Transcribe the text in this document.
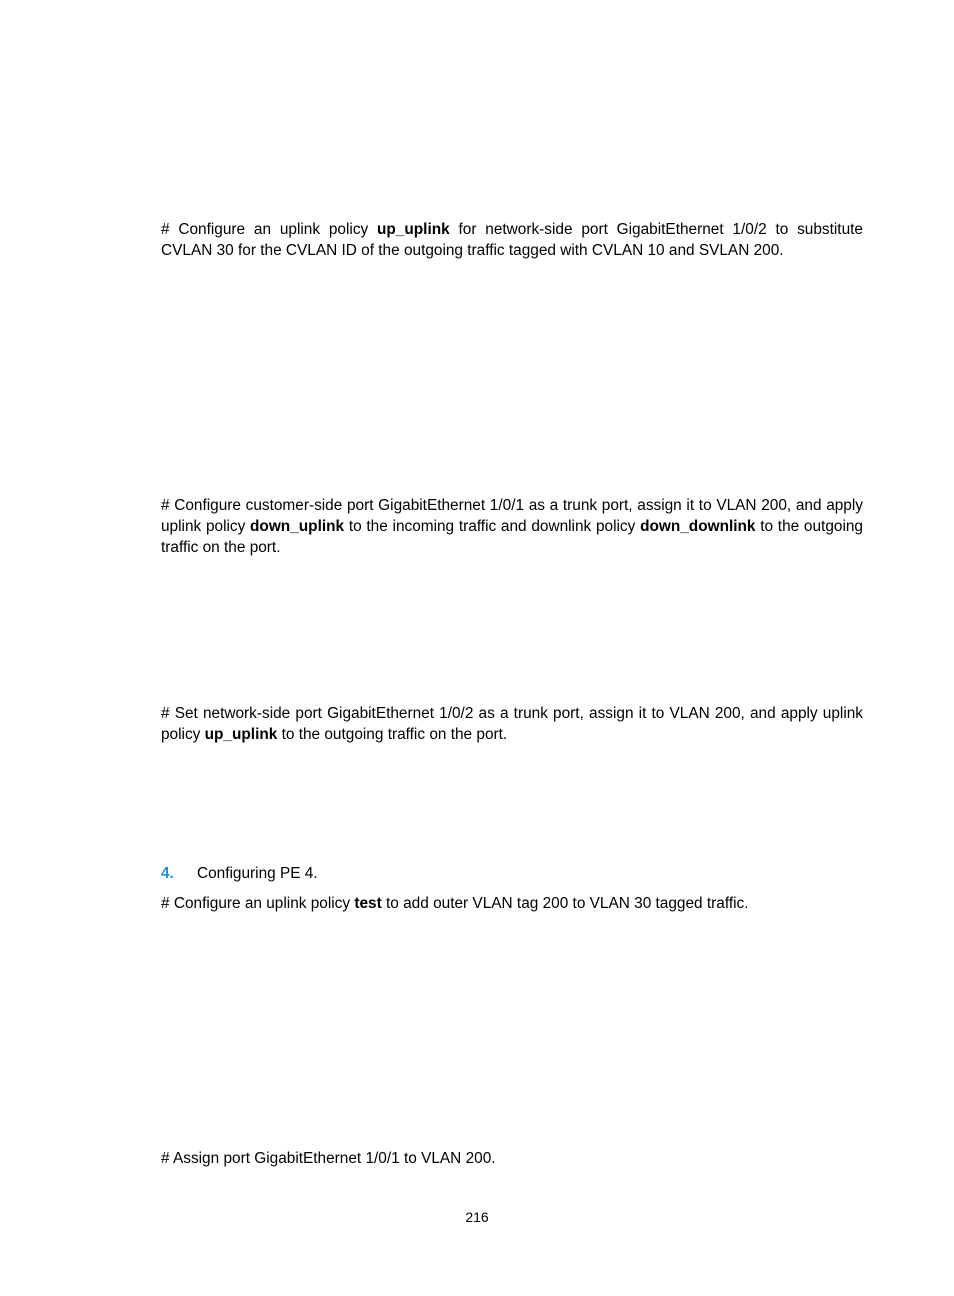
# Configure an uplink policy up_uplink for network-side port GigabitEthernet 1/0/2 to substitute CVLAN 30 for the CVLAN ID of the outgoing traffic tagged with CVLAN 10 and SVLAN 200.

# Configure customer-side port GigabitEthernet 1/0/1 as a trunk port, assign it to VLAN 200, and apply uplink policy down_uplink to the incoming traffic and downlink policy down_downlink to the outgoing traffic on the port.

# Set network-side port GigabitEthernet 1/0/2 as a trunk port, assign it to VLAN 200, and apply uplink policy up_uplink to the outgoing traffic on the port.

4. Configuring PE 4.

# Configure an uplink policy test to add outer VLAN tag 200 to VLAN 30 tagged traffic.

# Assign port GigabitEthernet 1/0/1 to VLAN 200.

216
